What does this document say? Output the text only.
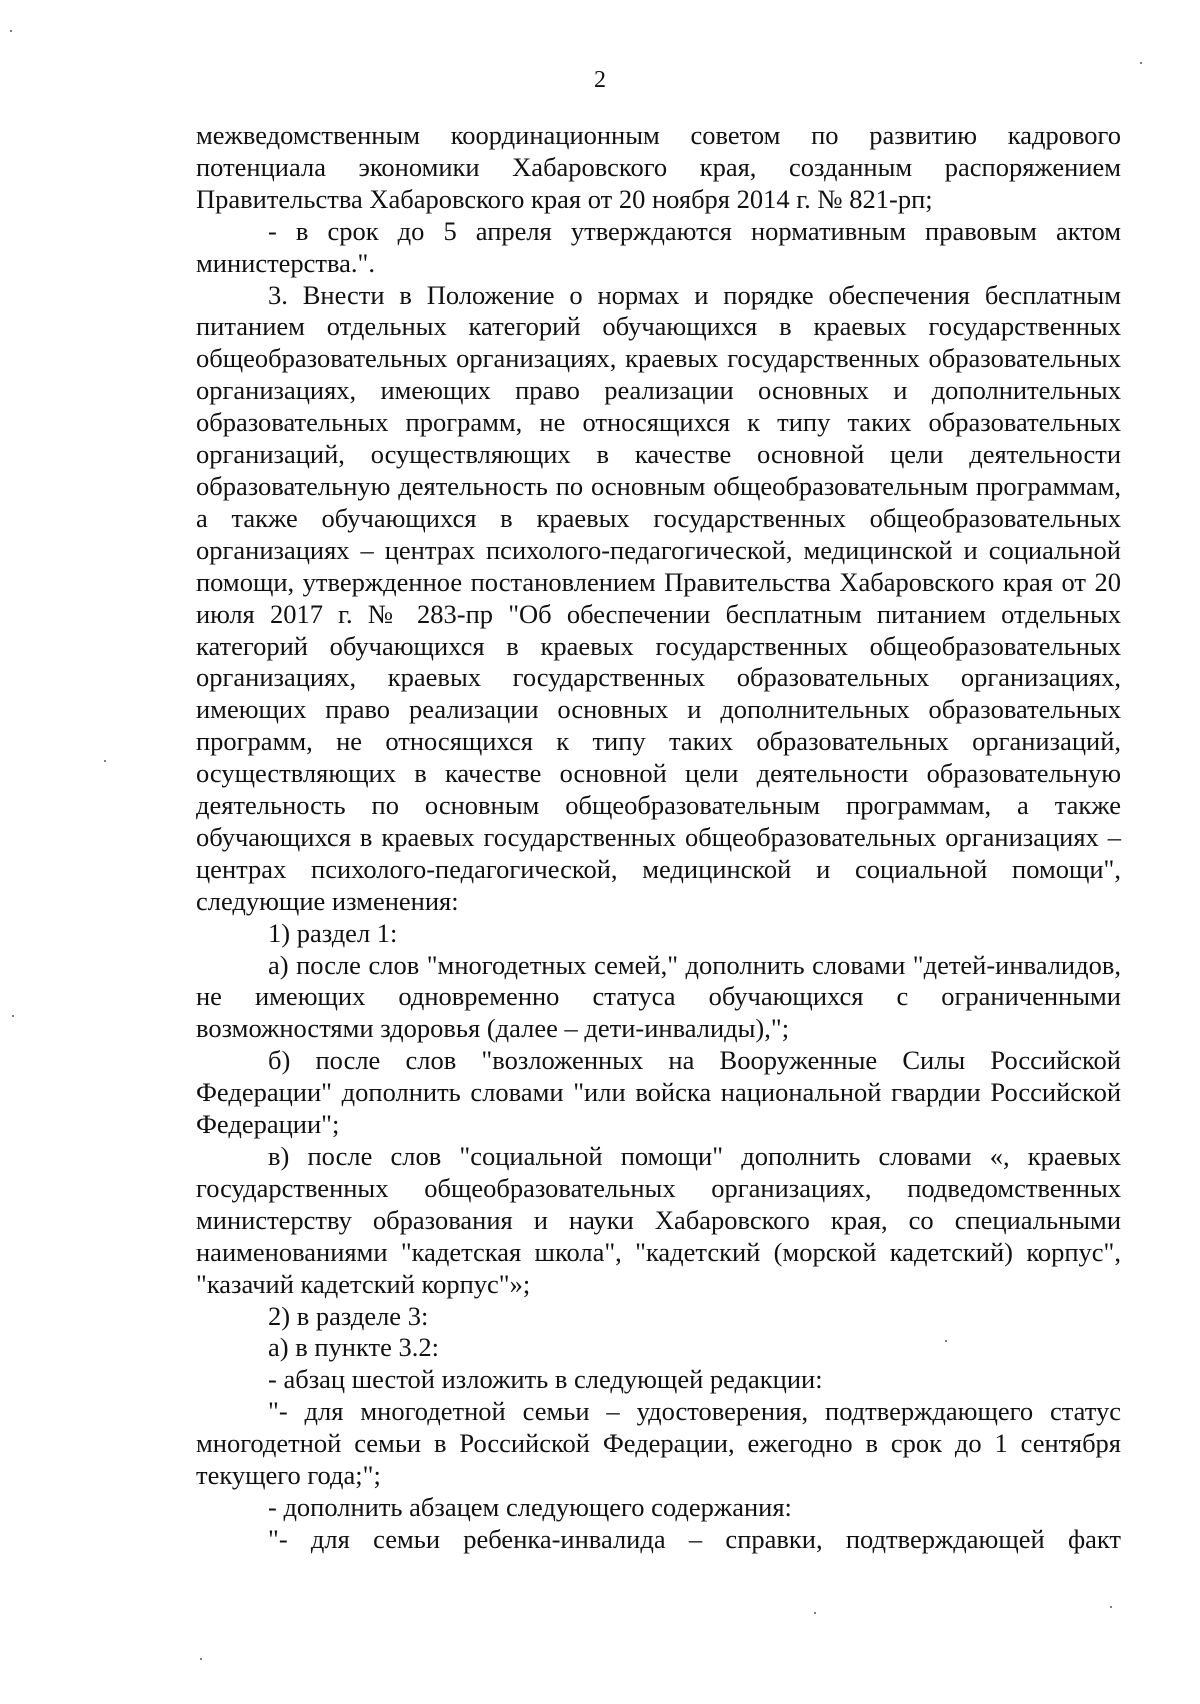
2

межведомственным координационным советом по развитию кадрового потенциала экономики Хабаровского края, созданным распоряжением Правительства Хабаровского края от 20 ноября 2014 г. № 821-рп;

- в срок до 5 апреля утверждаются нормативным правовым актом министерства.".

3. Внести в Положение о нормах и порядке обеспечения бесплатным питанием отдельных категорий обучающихся в краевых государственных общеобразовательных организациях, краевых государственных образовательных организациях, имеющих право реализации основных и дополнительных образовательных программ, не относящихся к типу таких образовательных организаций, осуществляющих в качестве основной цели деятельности образовательную деятельность по основным общеобразовательным программам, а также обучающихся в краевых государственных общеобразовательных организациях – центрах психолого-педагогической, медицинской и социальной помощи, утвержденное постановлением Правительства Хабаровского края от 20 июля 2017 г. № 283-пр "Об обеспечении бесплатным питанием отдельных категорий обучающихся в краевых государственных общеобразовательных организациях, краевых государственных образовательных организациях, имеющих право реализации основных и дополнительных образовательных программ, не относящихся к типу таких образовательных организаций, осуществляющих в качестве основной цели деятельности образовательную деятельность по основным общеобразовательным программам, а также обучающихся в краевых государственных общеобразовательных организациях – центрах психолого-педагогической, медицинской и социальной помощи", следующие изменения:

1) раздел 1:

а) после слов "многодетных семей," дополнить словами "детей-инвалидов, не имеющих одновременно статуса обучающихся с ограниченными возможностями здоровья (далее – дети-инвалиды),";

б) после слов "возложенных на Вооруженные Силы Российской Федерации" дополнить словами "или войска национальной гвардии Российской Федерации";

в) после слов "социальной помощи" дополнить словами «, краевых государственных общеобразовательных организациях, подведомственных министерству образования и науки Хабаровского края, со специальными наименованиями "кадетская школа", "кадетский (морской кадетский) корпус", "казачий кадетский корпус"»;

2) в разделе 3:

а) в пункте 3.2:

- абзац шестой изложить в следующей редакции:

"- для многодетной семьи – удостоверения, подтверждающего статус многодетной семьи в Российской Федерации, ежегодно в срок до 1 сентября текущего года;";

- дополнить абзацем следующего содержания:

"- для семьи ребенка-инвалида – справки, подтверждающей факт
